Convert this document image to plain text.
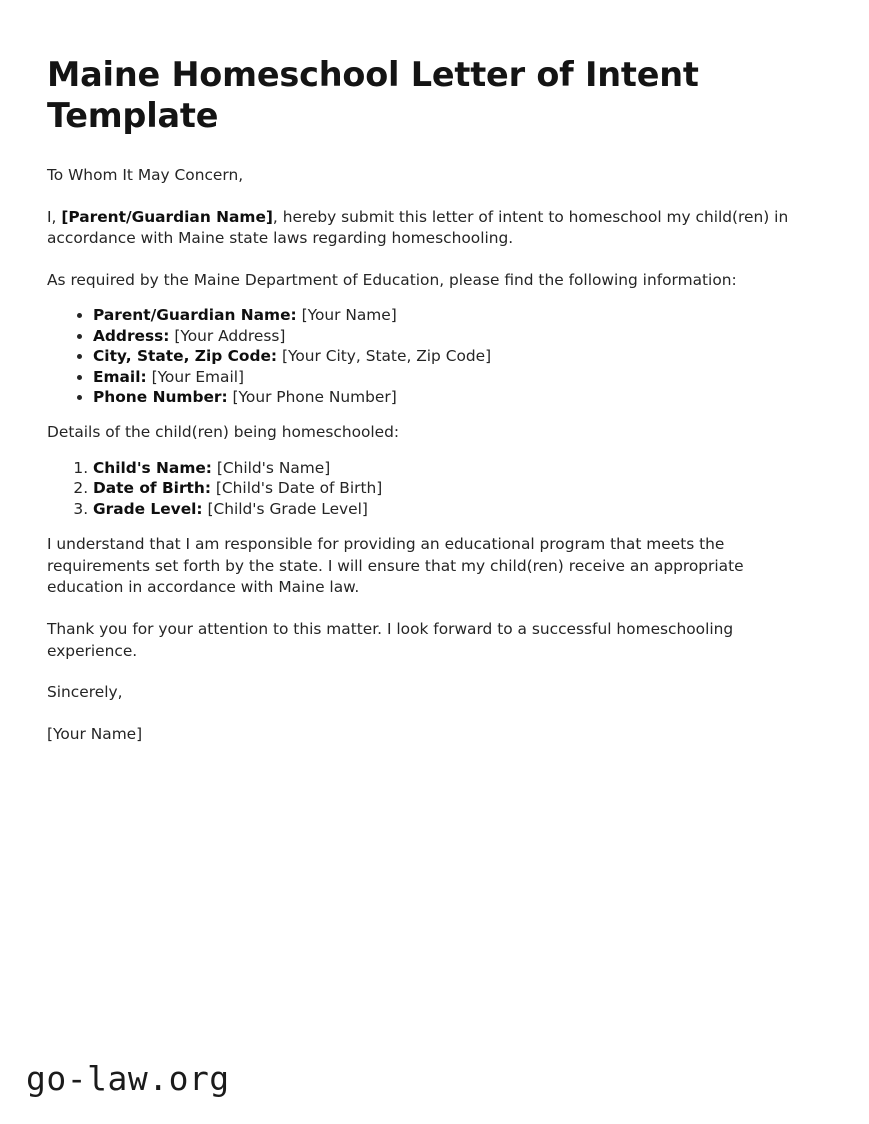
Maine Homeschool Letter of Intent Template

To Whom It May Concern,

I, [Parent/Guardian Name], hereby submit this letter of intent to homeschool my child(ren) in accordance with Maine state laws regarding homeschooling.

As required by the Maine Department of Education, please find the following information:

• Parent/Guardian Name: [Your Name]
• Address: [Your Address]
• City, State, Zip Code: [Your City, State, Zip Code]
• Email: [Your Email]
• Phone Number: [Your Phone Number]

Details of the child(ren) being homeschooled:

1. Child's Name: [Child's Name]
2. Date of Birth: [Child's Date of Birth]
3. Grade Level: [Child's Grade Level]

I understand that I am responsible for providing an educational program that meets the requirements set forth by the state. I will ensure that my child(ren) receive an appropriate education in accordance with Maine law.

Thank you for your attention to this matter. I look forward to a successful homeschooling experience.

Sincerely,

[Your Name]

go-law.org
